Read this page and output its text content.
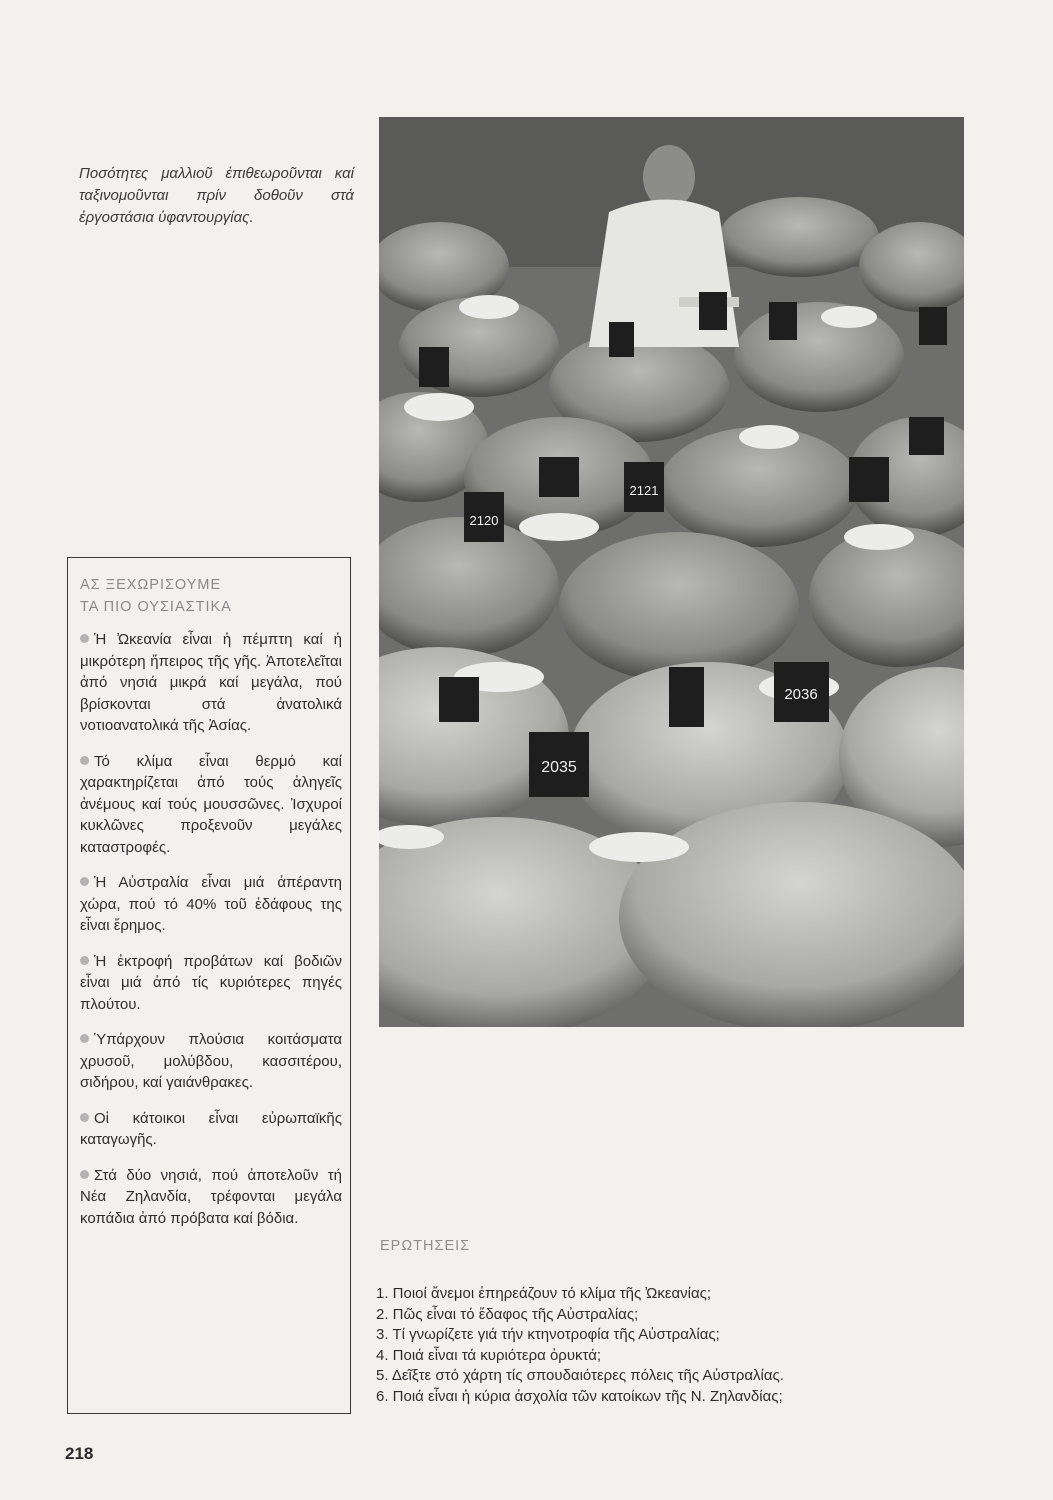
Ποσότητες μαλλιοῦ ἐπιθεωροῦνται καί ταξινομοῦνται πρίν δοθοῦν στά ἐργοστάσια ὑφαντουργίας.

2121
2120
2036
2035
ΑΣ ΞΕΧΩΡΙΣΟΥΜΕ
ΤΑ ΠΙΟ ΟΥΣΙΑΣΤΙΚΑ

Ἡ Ὠκεανία εἶναι ἡ πέμπτη καί ἡ μικρότερη ἤπειρος τῆς γῆς. Ἀποτελεῖται ἀπό νησιά μικρά καί μεγάλα, πού βρίσκονται στά ἀνατολικά νοτιοανατολικά τῆς Ἀσίας.

Τό κλίμα εἶναι θερμό καί χαρακτηρίζεται ἀπό τούς ἀληγεῖς ἀνέμους καί τούς μουσσῶνες. Ἰσχυροί κυκλῶνες προξενοῦν μεγάλες καταστροφές.

Ἡ Αὐστραλία εἶναι μιά ἀπέραντη χώρα, πού τό 40% τοῦ ἐδάφους της εἶναι ἔρημος.

Ἡ ἐκτροφή προβάτων καί βοδιῶν εἶναι μιά ἀπό τίς κυριότερες πηγές πλούτου.

Ὑπάρχουν πλούσια κοιτάσματα χρυσοῦ, μολύβδου, κασσιτέρου, σιδήρου, καί γαιάνθρακες.

Οἱ κάτοικοι εἶναι εὐρωπαϊκῆς καταγωγῆς.

Στά δύο νησιά, πού ἀποτελοῦν τή Νέα Ζηλανδία, τρέφονται μεγάλα κοπάδια ἀπό πρόβατα καί βόδια.

ΕΡΩΤΗΣΕΙΣ

1. Ποιοί ἄνεμοι ἐπηρεάζουν τό κλίμα τῆς Ὠκεανίας;
2. Πῶς εἶναι τό ἔδαφος τῆς Αὐστραλίας;
3. Τί γνωρίζετε γιά τήν κτηνοτροφία τῆς Αὐστραλίας;
4. Ποιά εἶναι τά κυριότερα ὀρυκτά;
5. Δεῖξτε στό χάρτη τίς σπουδαιότερες πόλεις τῆς Αὐστραλίας.
6. Ποιά εἶναι ἡ κύρια ἀσχολία τῶν κατοίκων τῆς Ν. Ζηλανδίας;

218
